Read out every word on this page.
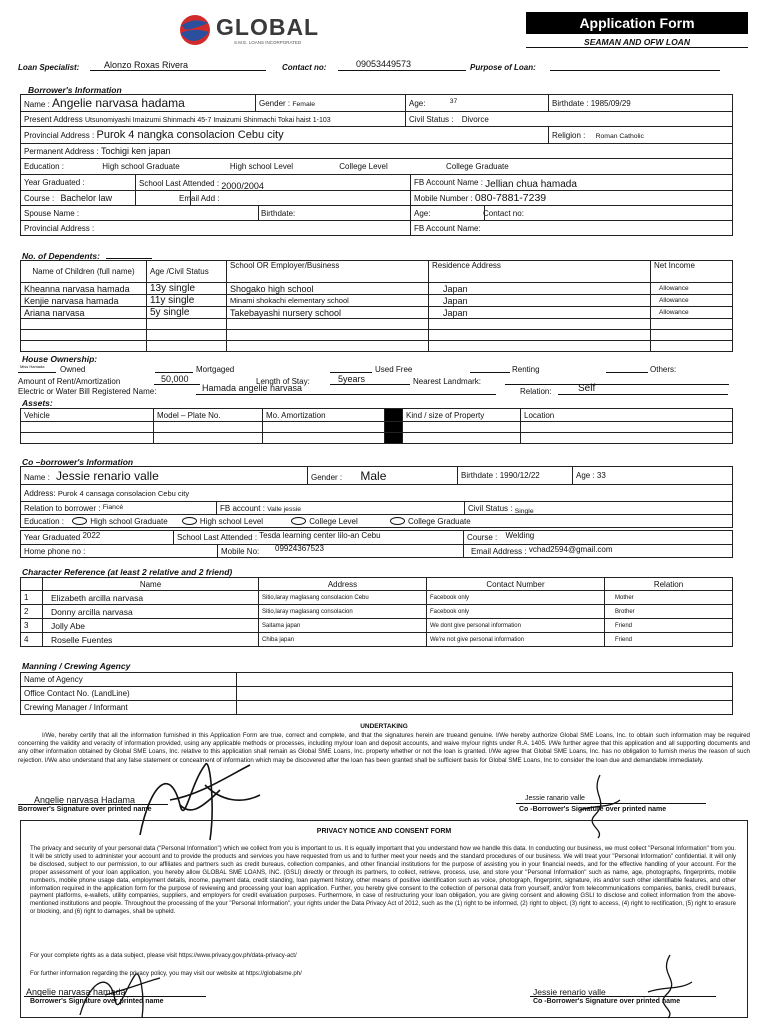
GLOBAL
S.M.E. LOANS INCORPORATED
Application Form
SEAMAN AND OFW LOAN
Loan Specialist:	Alonzo Roxas Rivera	Contact no:	09053449573	Purpose of Loan:
Borrower's Information
Name : Angelie narvasa hadama	Gender : Female	Age: $^{37}$	Birthdate : 1985/09/29
Present Address Utsunomiyashi Imaizumi Shinmachi 45-7 Imaizumi Shinmachi Tokai haist 1-103		Civil Status : Divorce	
Provincial Address : Purok 4 nangka consolacion Cebu city			Religion : Roman Catholic
Permanent Address : Tochigi ken japan			
Education : High school Graduate High school Level College Level College Graduate			
Year Graduated :	School Last Attended : 2000/2004	FB Account Name : Jellian chua hamada
Course : Bachelor law	Email Add :	Mobile Number : 080-7881-7239
Spouse Name : Birthdate:		Age: Contact no:

Provincial Address :		FB Account Name:
No. of Dependents:
Name of Children (full name)	Age /Civil Status	School OR Employer/Business	Residence Address	Net Income
Kheanna narvasa hamada	13y single	Shogako high school	Japan	Allowance
Kenjie narvasa hamada	11y single	Minami shokachi elementary school	Japan	Allowance
Ariana narvasa	5y single	Takebayashi nursery school	Japan	Allowance

House Ownership:
Miss Hamada Owned	Mortgaged	Used Free	Renting	Others:
Amount of Rent/Amortization	50,000	Length of Stay:	5years	Nearest Landmark:
Electric or Water Bill Registered Name:	Hamada angelie narvasa	Relation:	Self
Assets:
Vehicle	Model – Plate No.	Mo. Amortization		Kind / size of Property	Location

Co –borrower's Information
Name : Jessie renario valle	Gender : Male	Birthdate : 1990/12/22	Age : 33
Address: Purok 4 cansaga consolacion Cebu city
Relation to borrower : $^{Fiancé}$	FB account : Valle jessie	Civil Status : $_{Single}$
Education :	High school Graduate	High school Level	College Level	College Graduate
Year Graduated 2022	School Last Attended : Tesda learning center lilo-an Cebu	Course : Welding
Home phone no : Mobile No: 09924367523		Email Address : vchad2594@gmail.com
Character Reference (at least 2 relative and 2 friend)
	Name	Address	Contact Number	Relation
1	Elizabeth arcilla narvasa	Sitio,laray maglasang consolacion Cebu	Facebook only	Mother
2	Donny arcilla narvasa	Sitio,laray maglasang consolacion	Facebook only	Brother
3	Jolly Abe	Saitama japan	We dont give personal information	Friend
4	Roselle Fuentes	Chiba japan	We're not give personal information	Friend
Manning / Crewing Agency
Name of Agency	
Office Contact No. (LandLine)	
Crewing Manager / Informant	
UNDERTAKING
I/We, hereby certify that all the information furnished in this Application Form are true, correct and complete, and that the signatures herein are trueand genuine. I/We hereby authorize Global SME Loans, Inc. to obtain such information may be required concerning the validity and veracity of information provided, using any applicable methods or processes, including my/our loan and deposit accounts, and waive my/our rights under R.A. 1405. I/We further agree that this application and all supporting documents and any other information obtained by Global SME Loans, Inc. relative to this application shall remain as Global SME Loans, Inc. property whether or not the loan is granted. I/We agree that Global SME Loans, Inc. has no obligation to furnish me/us the reason of such rejection. I/We also understand that any false statement or concealment of information which may be discovered after the loan has been granted shall be sufficient basis for Global SME Loans, Inc to consider the loan due and demandable immediately.
Angelie narvasa Hadama
Borrower's Signature over printed name
Jessie ranario valle
Co -Borrower's Signature over printed name
PRIVACY NOTICE AND CONSENT FORM
The privacy and security of your personal data ("Personal Information") which we collect from you is important to us. It is equally important that you understand how we handle this data. In conducting our business, we must collect "Personal Information" from you. It will be strictly used to administer your account and to provide the products and services you have requested from us and to further meet your needs and the standard procedures of our business. We will treat your "Personal Information" confidential. It will only be disclosed, subject to our permission, to our affiliates and partners such as credit bureaus, collection companies, and other financial institutions for the purpose of assisting you in your financial needs, and for the effective handling of your account. For the proper assessment of your loan application, you hereby allow GLOBAL SME LOANS, INC. (GSLI) directly or through its partners, to collect, retrieve, process, use, and store your "Personal Information" such as name, age, photographs, fingerprints, mobile number/s, mobile phone usage data, employment details, income, payment data, credit standing, loan payment history, other means of positive identification such as voice, photograph, fingerprint, signature, iris and/or such other identifiable features, and other information required in the application form for the purpose of reviewing and processing your loan application. Further, you hereby give consent to the collection of personal data from yourself, and/or from telecommunications companies, banks, credit bureaus, payment platforms, e-wallets, utility companies, suppliers, and employers for credit evaluation purposes. Furthermore, in case of restructuring your loan obligation, you are giving consent and allowing GSLI to disclose and collect information from the above-mentioned institutions and people. Throughout the processing of the your "Personal Information", your rights under the Data Privacy Act of 2012, such as the (1) right to be informed, (2) right to object, (3) right to access, (4) right to rectification, (5) right to erasure or blocking, and (6) right to damages, shall be upheld.
For your complete rights as a data subject, please visit https://www.privacy.gov.ph/data-privacy-act/
For further information regarding the privacy policy, you may visit our website at https://globalsme.ph/
Angelie narvasa hamada
Borrower's Signature over printed name
Jessie renario valle
Co -Borrower's Signature over printed name
